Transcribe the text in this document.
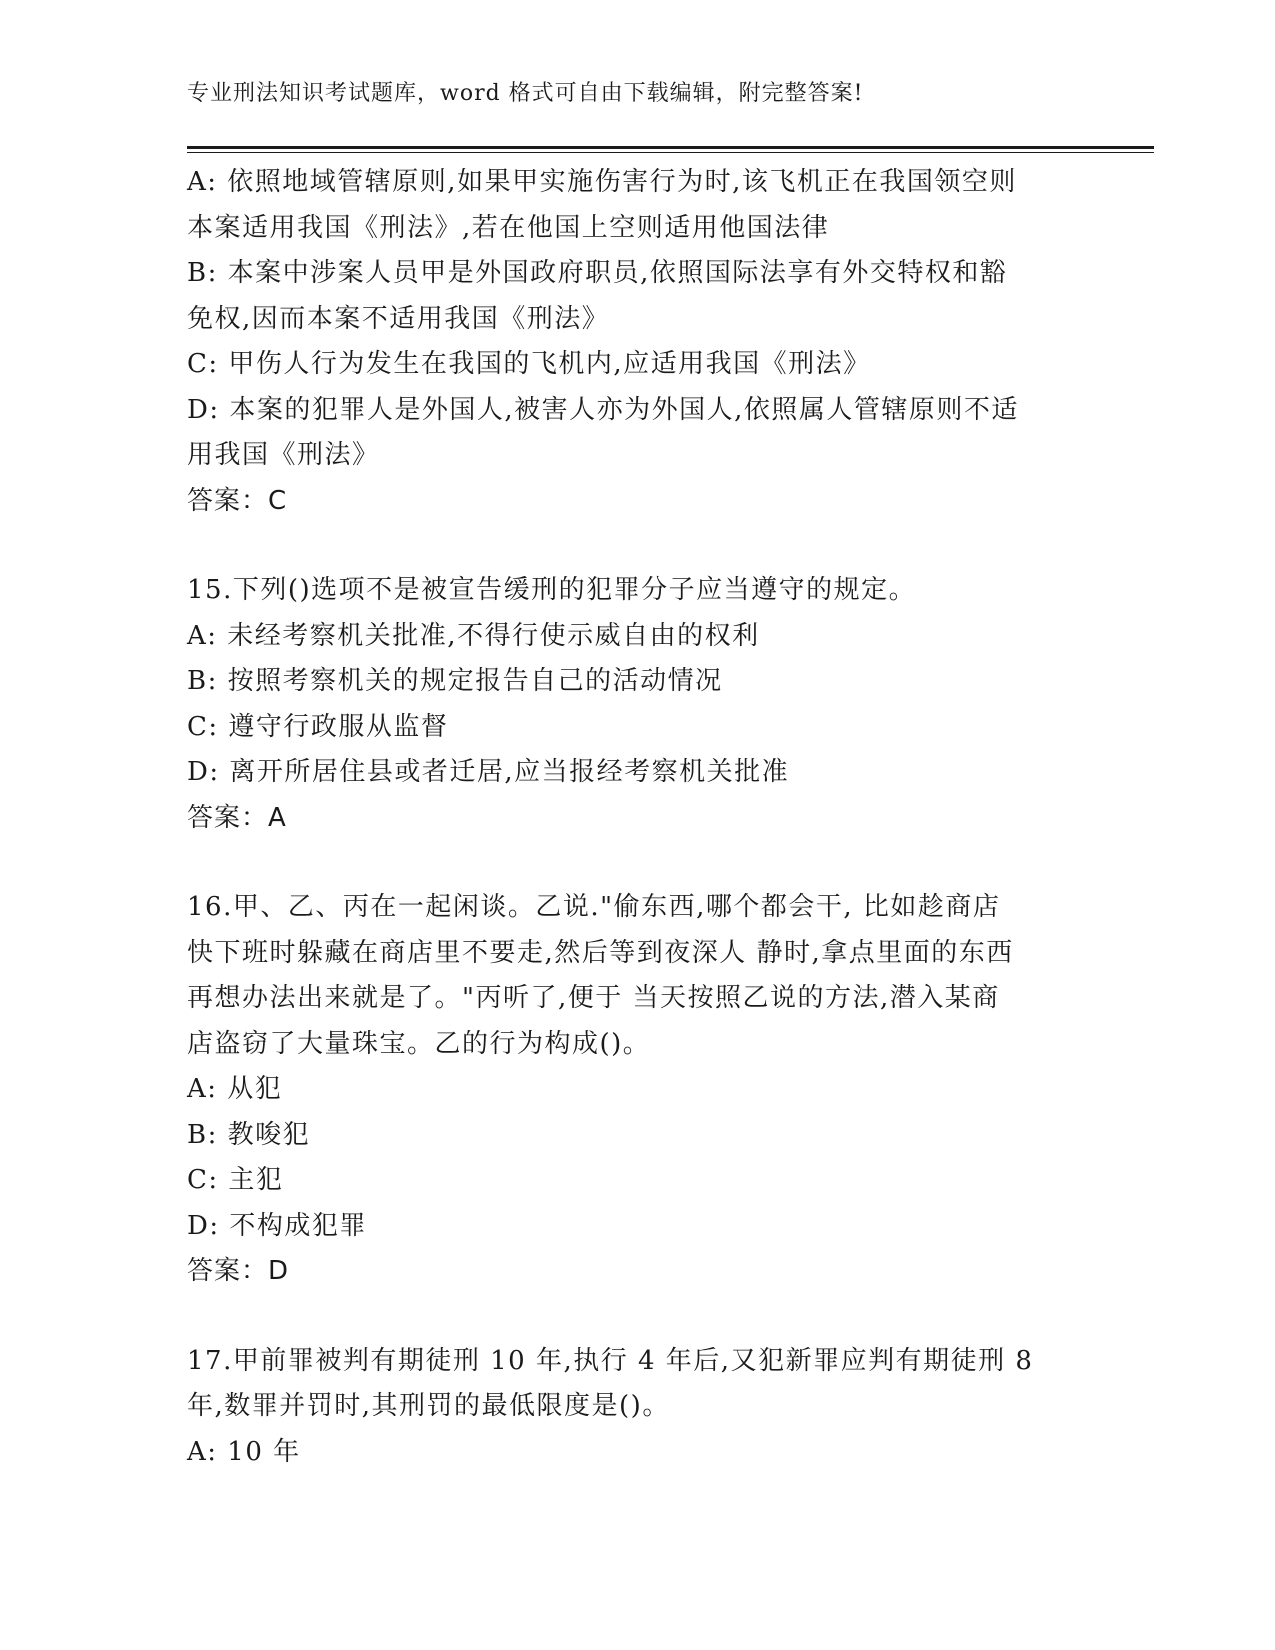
专业刑法知识考试题库，word 格式可自由下载编辑，附完整答案!
A: 依照地域管辖原则,如果甲实施伤害行为时,该飞机正在我国领空则
本案适用我国《刑法》,若在他国上空则适用他国法律
B: 本案中涉案人员甲是外国政府职员,依照国际法享有外交特权和豁
免权,因而本案不适用我国《刑法》
C: 甲伤人行为发生在我国的飞机内,应适用我国《刑法》
D: 本案的犯罪人是外国人,被害人亦为外国人,依照属人管辖原则不适
用我国《刑法》
答案：C
15.下列()选项不是被宣告缓刑的犯罪分子应当遵守的规定。
A: 未经考察机关批准,不得行使示威自由的权利
B: 按照考察机关的规定报告自己的活动情况
C: 遵守行政服从监督
D: 离开所居住县或者迁居,应当报经考察机关批准
答案：A
16.甲、乙、丙在一起闲谈。乙说."偷东西,哪个都会干, 比如趁商店
快下班时躲藏在商店里不要走,然后等到夜深人 静时,拿点里面的东西
再想办法出来就是了。"丙听了,便于 当天按照乙说的方法,潜入某商
店盗窃了大量珠宝。乙的行为构成()。
A: 从犯
B: 教唆犯
C: 主犯
D: 不构成犯罪
答案：D
17.甲前罪被判有期徒刑 10 年,执行 4 年后,又犯新罪应判有期徒刑 8
年,数罪并罚时,其刑罚的最低限度是()。
A: 10 年
